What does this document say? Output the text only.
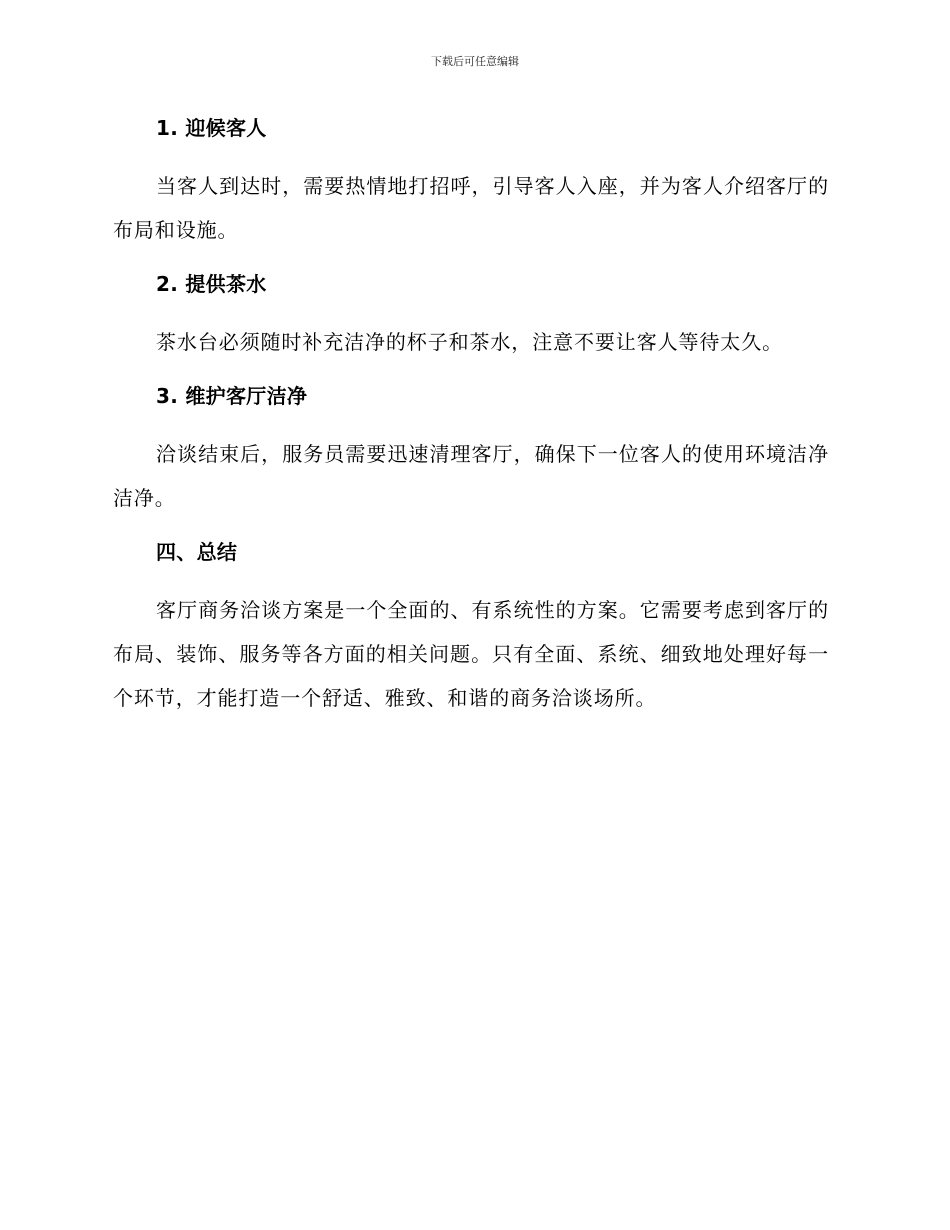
下载后可任意编辑
1. 迎候客人

当客人到达时，需要热情地打招呼，引导客人入座，并为客人介绍客厅的布局和设施。

2. 提供茶水

茶水台必须随时补充洁净的杯子和茶水，注意不要让客人等待太久。

3. 维护客厅洁净

洽谈结束后，服务员需要迅速清理客厅，确保下一位客人的使用环境洁净洁净。

四、总结

客厅商务洽谈方案是一个全面的、有系统性的方案。它需要考虑到客厅的布局、装饰、服务等各方面的相关问题。只有全面、系统、细致地处理好每一个环节，才能打造一个舒适、雅致、和谐的商务洽谈场所。
